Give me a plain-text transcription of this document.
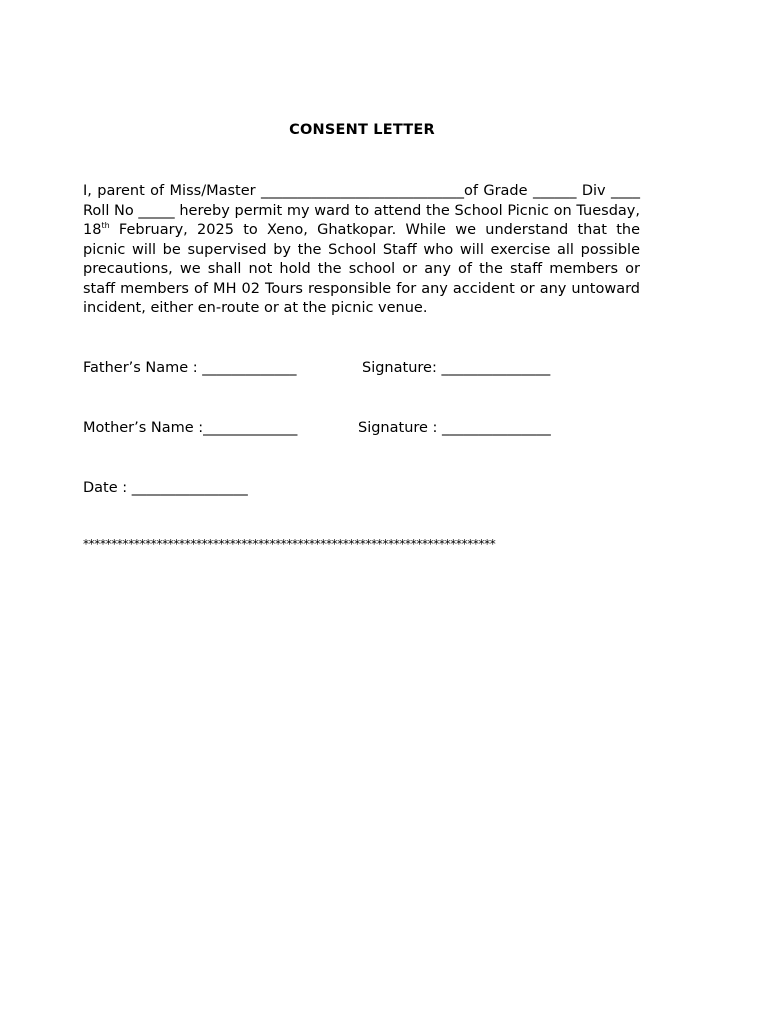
CONSENT LETTER

I, parent of Miss/Master ____________________________of Grade ______ Div ____ Roll No _____ hereby permit my ward to attend the School Picnic on Tuesday, 18th February, 2025 to Xeno, Ghatkopar. While we understand that the picnic will be supervised by the School Staff who will exercise all possible precautions, we shall not hold the school or any of the staff members or staff members of MH 02 Tours responsible for any accident or any untoward incident, either en-route or at the picnic venue.

Father’s Name : _____________	Signature: _______________
Mother’s Name :_____________	Signature : _______________
Date : ________________
*************************************************************************
